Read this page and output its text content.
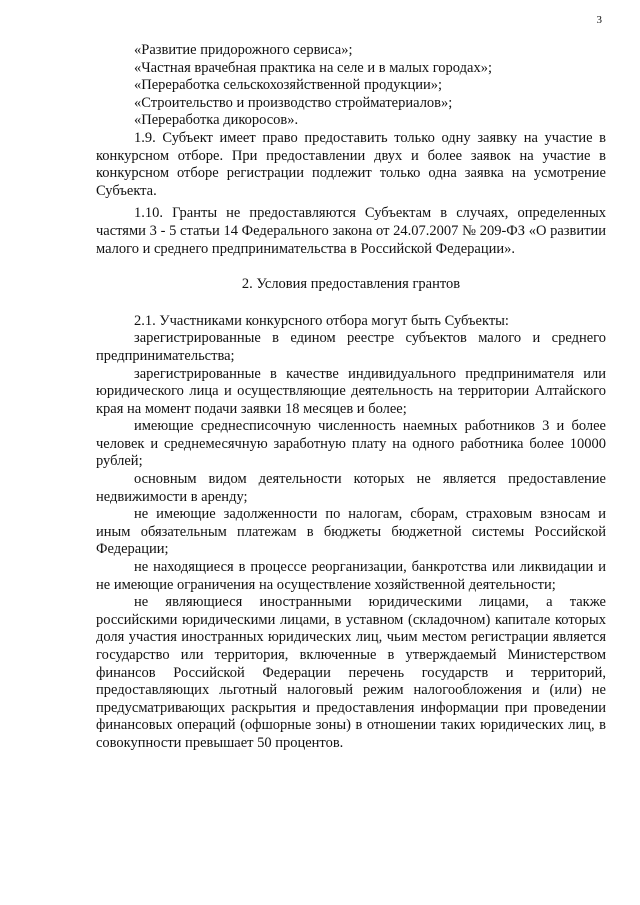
3

«Развитие придорожного сервиса»;

«Частная врачебная практика на селе и в малых городах»;

«Переработка сельскохозяйственной продукции»;

«Строительство и производство стройматериалов»;

«Переработка дикоросов».

1.9. Субъект имеет право предоставить только одну заявку на участие в конкурсном отборе. При предоставлении двух и более заявок на участие в конкурсном отборе регистрации подлежит только одна заявка на усмотрение Субъекта.

1.10. Гранты не предоставляются Субъектам в случаях, определенных частями 3 - 5 статьи 14 Федерального закона от 24.07.2007 № 209-ФЗ «О развитии малого и среднего предпринимательства в Российской Федерации».

2. Условия предоставления грантов

2.1. Участниками конкурсного отбора могут быть Субъекты:

зарегистрированные в едином реестре субъектов малого и среднего предпринимательства;

зарегистрированные в качестве индивидуального предпринимателя или юридического лица и осуществляющие деятельность на территории Алтайского края на момент подачи заявки 18 месяцев и более;

имеющие среднесписочную численность наемных работников 3 и более человек и среднемесячную заработную плату на одного работника более 10000 рублей;

основным видом деятельности которых не является предоставление недвижимости в аренду;

не имеющие задолженности по налогам, сборам, страховым взносам и иным обязательным платежам в бюджеты бюджетной системы Российской Федерации;

не находящиеся в процессе реорганизации, банкротства или ликвидации и не имеющие ограничения на осуществление хозяйственной деятельности;

не являющиеся иностранными юридическими лицами, а также российскими юридическими лицами, в уставном (складочном) капитале которых доля участия иностранных юридических лиц, чьим местом регистрации является государство или территория, включенные в утверждаемый Министерством финансов Российской Федерации перечень государств и территорий, предоставляющих льготный налоговый режим налогообложения и (или) не предусматривающих раскрытия и предоставления информации при проведении финансовых операций (офшорные зоны) в отношении таких юридических лиц, в совокупности превышает 50 процентов.
